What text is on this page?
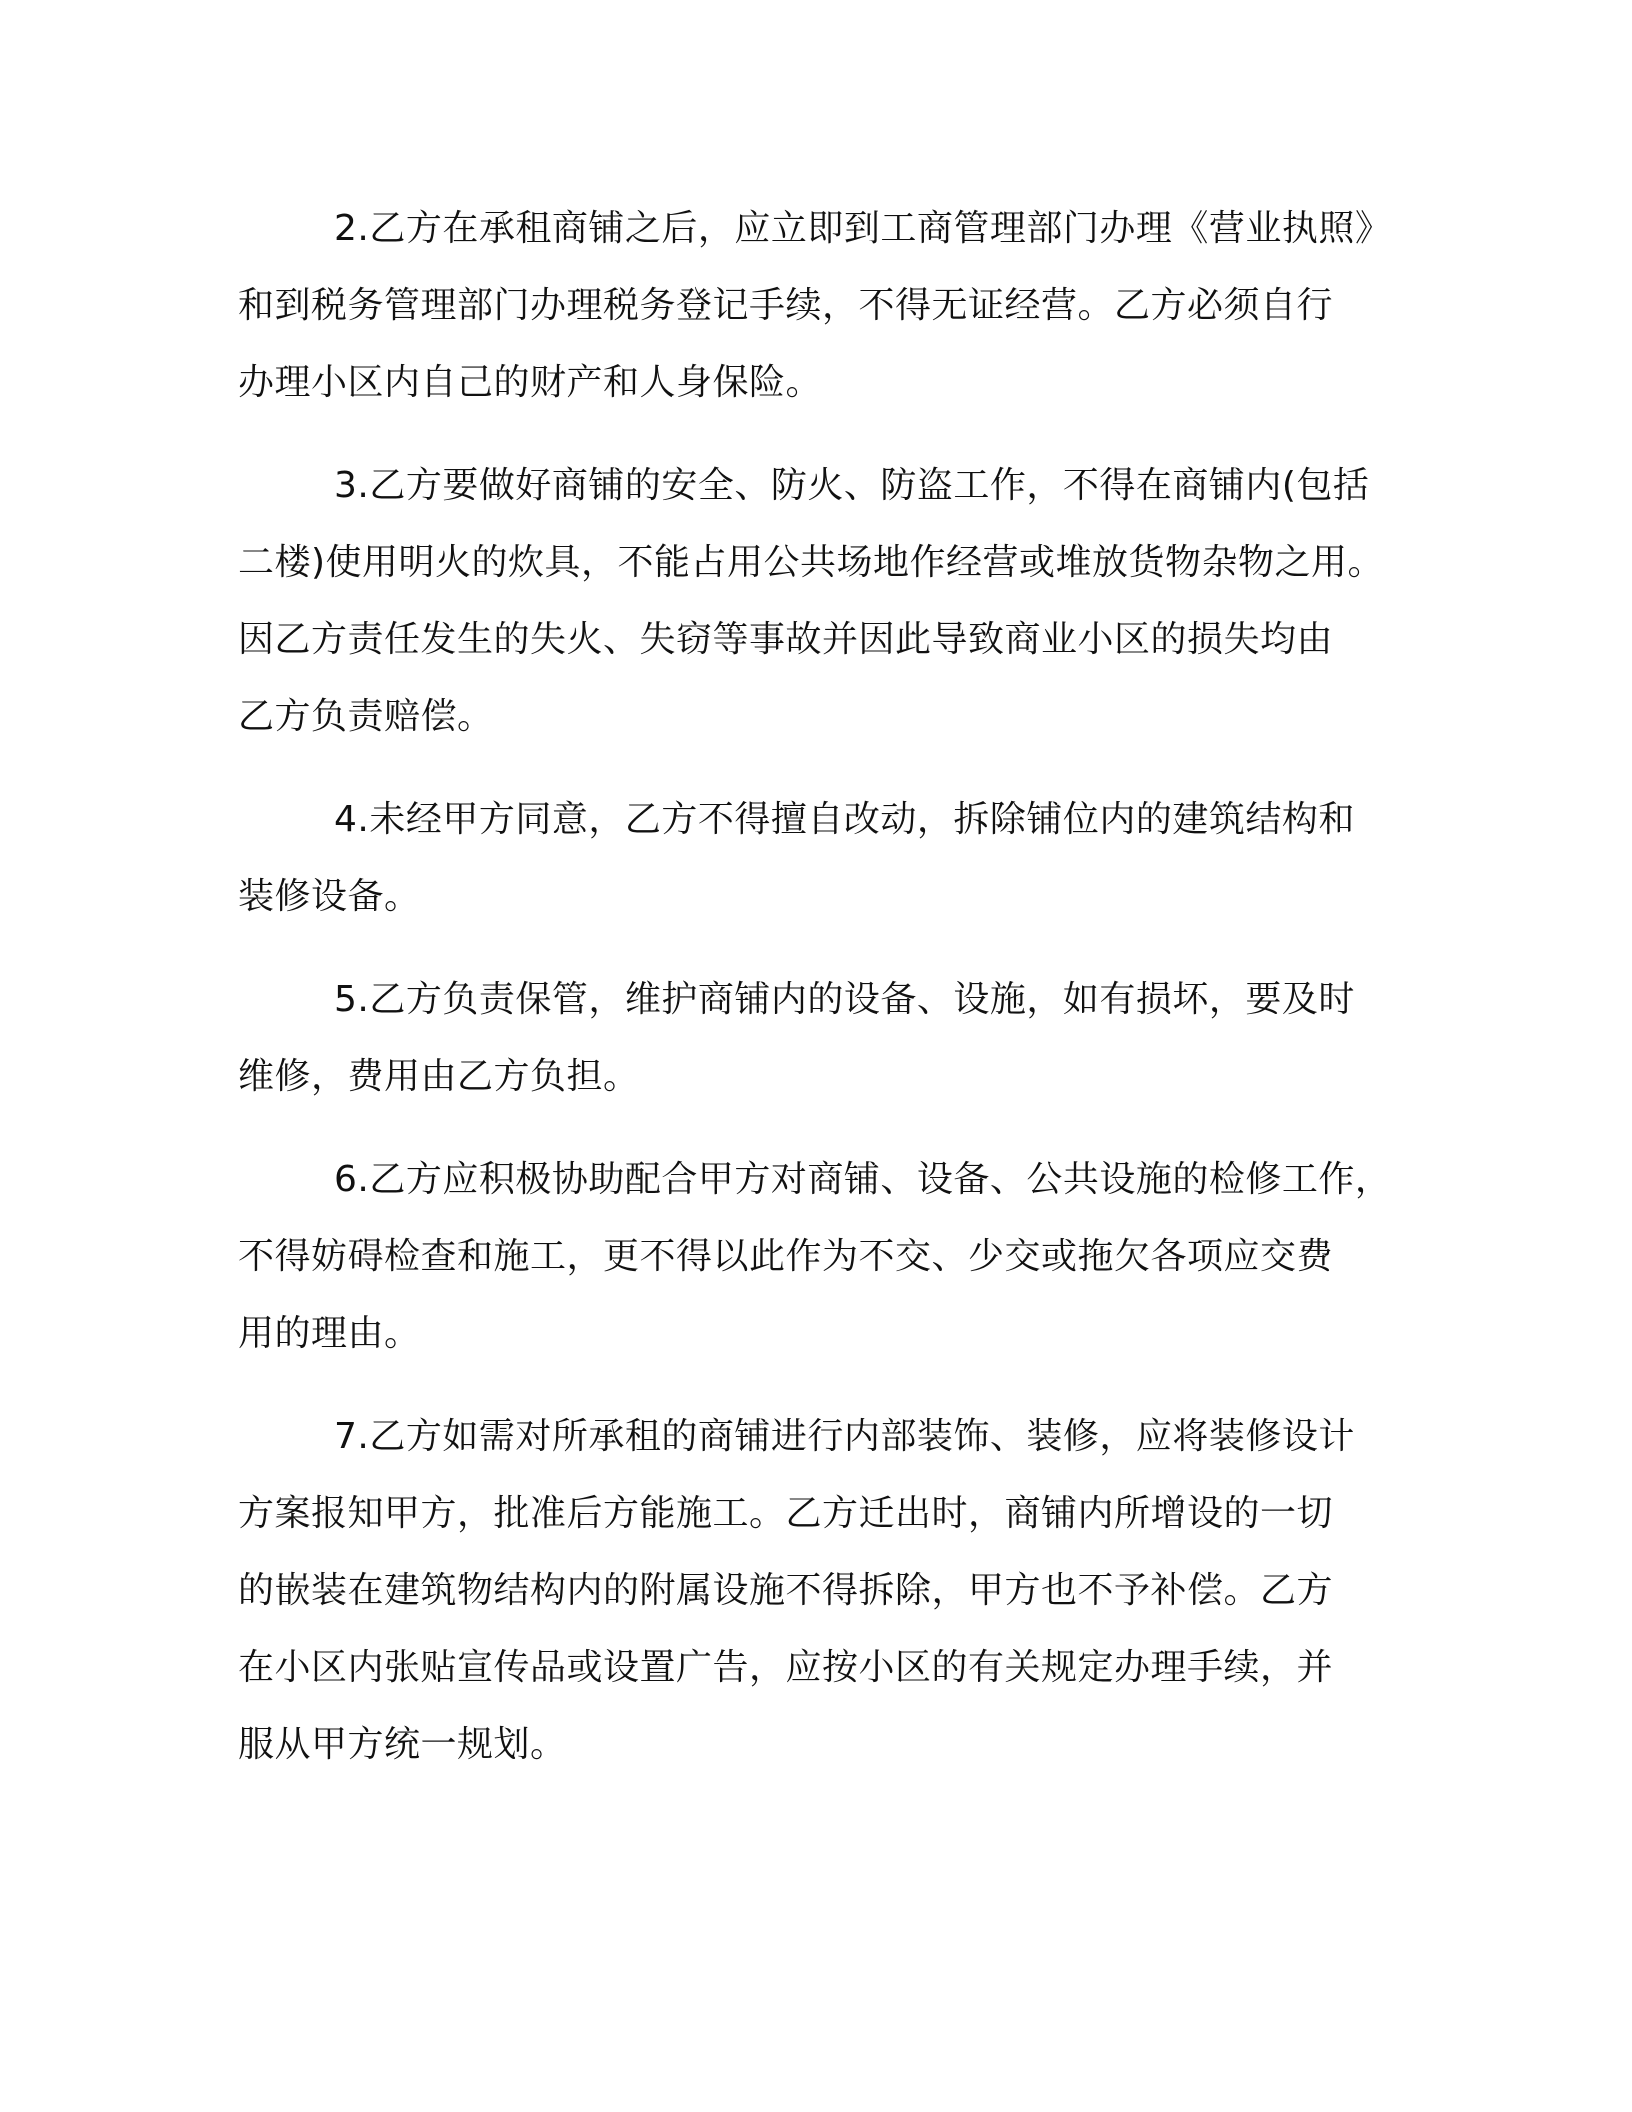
2.乙方在承租商铺之后，应立即到工商管理部门办理《营业执照》
和到税务管理部门办理税务登记手续，不得无证经营。乙方必须自行
办理小区内自己的财产和人身保险。

3.乙方要做好商铺的安全、防火、防盗工作，不得在商铺内(包括
二楼)使用明火的炊具，不能占用公共场地作经营或堆放货物杂物之用。
因乙方责任发生的失火、失窃等事故并因此导致商业小区的损失均由
乙方负责赔偿。

4.未经甲方同意，乙方不得擅自改动，拆除铺位内的建筑结构和
装修设备。

5.乙方负责保管，维护商铺内的设备、设施，如有损坏，要及时
维修，费用由乙方负担。

6.乙方应积极协助配合甲方对商铺、设备、公共设施的检修工作，
不得妨碍检查和施工，更不得以此作为不交、少交或拖欠各项应交费
用的理由。

7.乙方如需对所承租的商铺进行内部装饰、装修，应将装修设计
方案报知甲方，批准后方能施工。乙方迁出时，商铺内所增设的一切
的嵌装在建筑物结构内的附属设施不得拆除，甲方也不予补偿。乙方
在小区内张贴宣传品或设置广告，应按小区的有关规定办理手续，并
服从甲方统一规划。
